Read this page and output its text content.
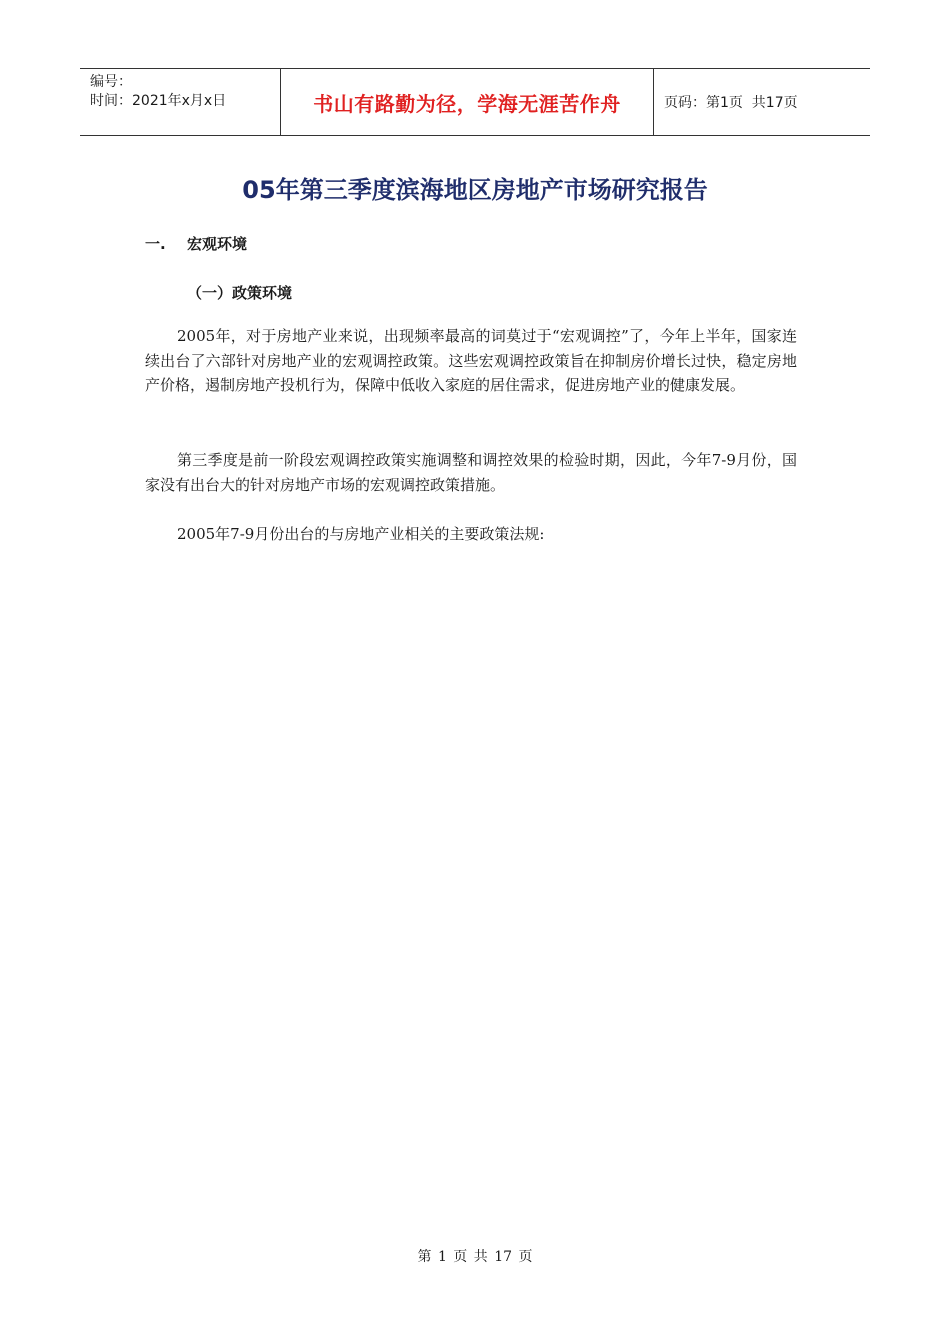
编号：
时间：2021年x月x日	书山有路勤为径，学海无涯苦作舟	页码：第1页  共17页
05年第三季度滨海地区房地产市场研究报告
一. 宏观环境
（一）政策环境
2005年，对于房地产业来说，出现频率最高的词莫过于“宏观调控”了，今年上半年，国家连续出台了六部针对房地产业的宏观调控政策。这些宏观调控政策旨在抑制房价增长过快，稳定房地产价格，遏制房地产投机行为，保障中低收入家庭的居住需求，促进房地产业的健康发展。
第三季度是前一阶段宏观调控政策实施调整和调控效果的检验时期，因此，今年7-9月份，国家没有出台大的针对房地产市场的宏观调控政策措施。
2005年7-9月份出台的与房地产业相关的主要政策法规:
第 1 页 共 17 页
